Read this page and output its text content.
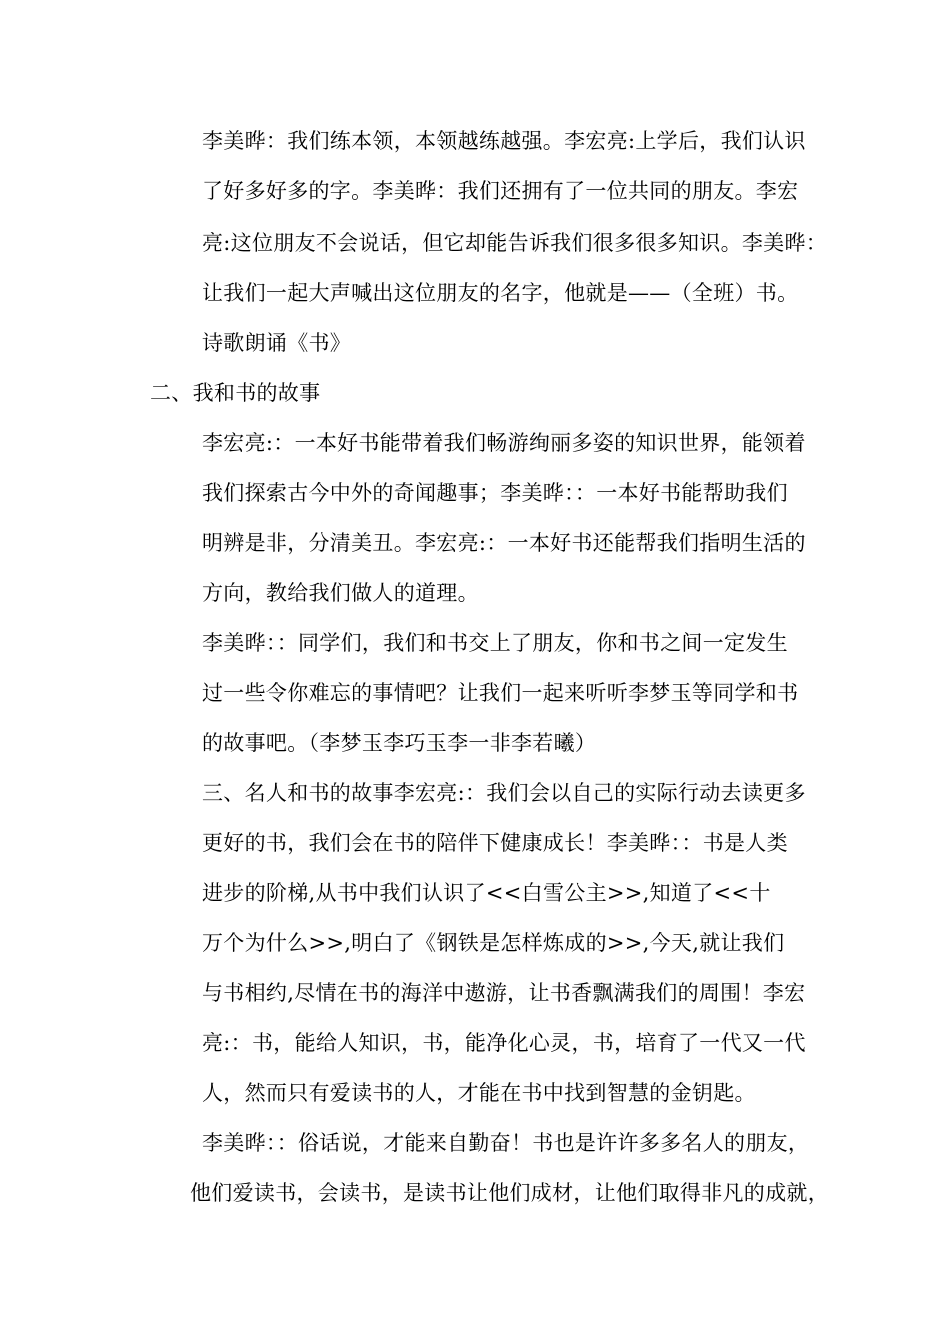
李美晔：我们练本领，本领越练越强。李宏亮:上学后，我们认识
了好多好多的字。李美晔：我们还拥有了一位共同的朋友。李宏
亮:这位朋友不会说话，但它却能告诉我们很多很多知识。李美晔：
让我们一起大声喊出这位朋友的名字，他就是——（全班）书。
诗歌朗诵《书》
二、我和书的故事
李宏亮:：一本好书能带着我们畅游绚丽多姿的知识世界，能领着
我们探索古今中外的奇闻趣事；李美晔：：一本好书能帮助我们
明辨是非，分清美丑。李宏亮:：一本好书还能帮我们指明生活的
方向，教给我们做人的道理。
李美晔：：同学们，我们和书交上了朋友，你和书之间一定发生
过一些令你难忘的事情吧？让我们一起来听听李梦玉等同学和书
的故事吧。（李梦玉李巧玉李一非李若曦）
三、名人和书的故事李宏亮:：我们会以自己的实际行动去读更多
更好的书，我们会在书的陪伴下健康成长！李美晔：：书是人类
进步的阶梯,从书中我们认识了<<白雪公主>>,知道了<<十
万个为什么>>,明白了《钢铁是怎样炼成的>>,今天,就让我们
与书相约,尽情在书的海洋中遨游，让书香飘满我们的周围！李宏
亮:：书，能给人知识，书，能净化心灵，书，培育了一代又一代
人，然而只有爱读书的人，才能在书中找到智慧的金钥匙。
李美晔：：俗话说，才能来自勤奋！书也是许许多多名人的朋友，
他们爱读书，会读书，是读书让他们成材，让他们取得非凡的成就，
